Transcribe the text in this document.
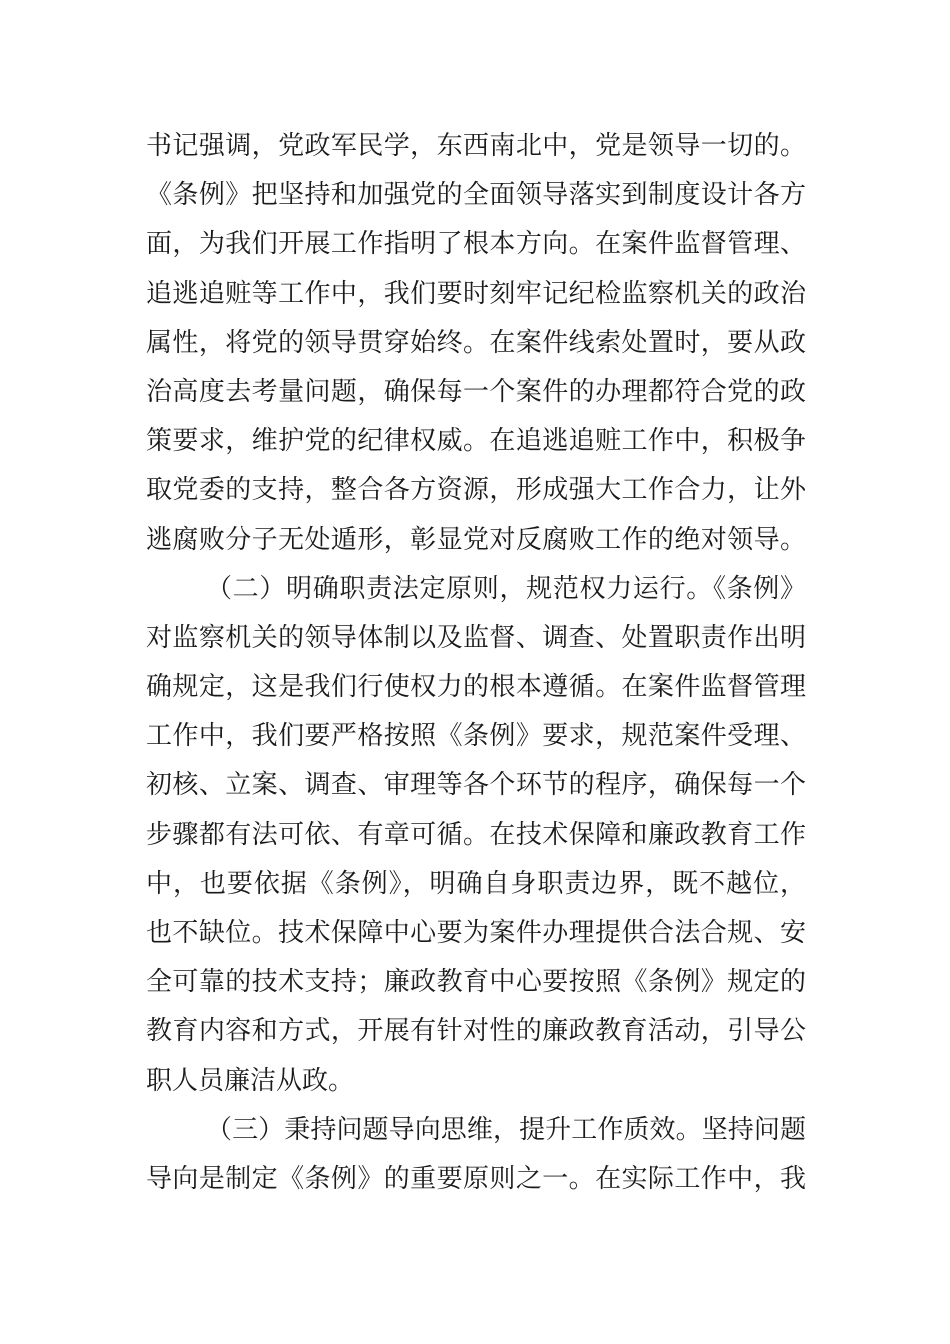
书记强调，党政军民学，东西南北中，党是领导一切的。
《条例》把坚持和加强党的全面领导落实到制度设计各方
面，为我们开展工作指明了根本方向。在案件监督管理、
追逃追赃等工作中，我们要时刻牢记纪检监察机关的政治
属性，将党的领导贯穿始终。在案件线索处置时，要从政
治高度去考量问题，确保每一个案件的办理都符合党的政
策要求，维护党的纪律权威。在追逃追赃工作中，积极争
取党委的支持，整合各方资源，形成强大工作合力，让外
逃腐败分子无处遁形，彰显党对反腐败工作的绝对领导。
（二）明确职责法定原则，规范权力运行。《条例》
对监察机关的领导体制以及监督、调查、处置职责作出明
确规定，这是我们行使权力的根本遵循。在案件监督管理
工作中，我们要严格按照《条例》要求，规范案件受理、
初核、立案、调查、审理等各个环节的程序，确保每一个
步骤都有法可依、有章可循。在技术保障和廉政教育工作
中，也要依据《条例》，明确自身职责边界，既不越位，
也不缺位。技术保障中心要为案件办理提供合法合规、安
全可靠的技术支持；廉政教育中心要按照《条例》规定的
教育内容和方式，开展有针对性的廉政教育活动，引导公
职人员廉洁从政。
（三）秉持问题导向思维，提升工作质效。坚持问题
导向是制定《条例》的重要原则之一。在实际工作中，我
